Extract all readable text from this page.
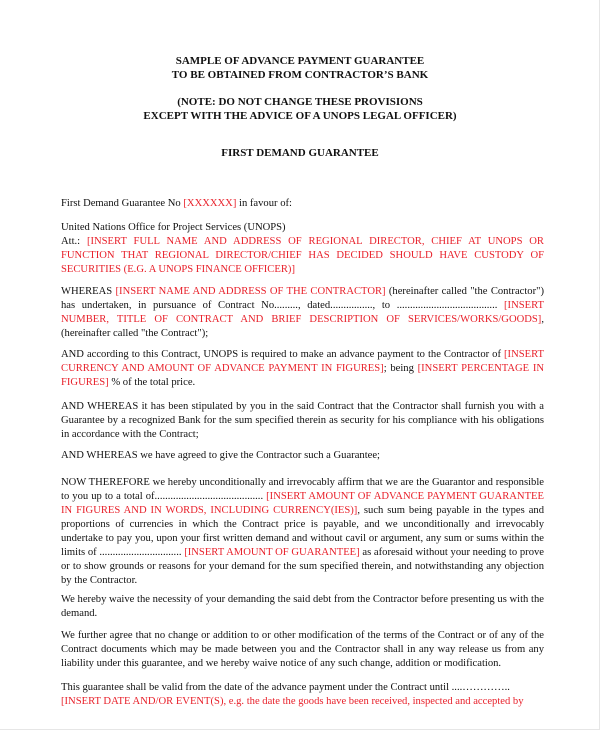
SAMPLE OF ADVANCE PAYMENT GUARANTEE
TO BE OBTAINED FROM CONTRACTOR’S BANK
(NOTE: DO NOT CHANGE THESE PROVISIONS
EXCEPT WITH THE ADVICE OF A UNOPS LEGAL OFFICER)
FIRST DEMAND GUARANTEE
First Demand Guarantee No [XXXXXX] in favour of:
United Nations Office for Project Services (UNOPS)
Att.: [INSERT FULL NAME AND ADDRESS OF REGIONAL DIRECTOR, CHIEF AT UNOPS OR FUNCTION THAT REGIONAL DIRECTOR/CHIEF HAS DECIDED SHOULD HAVE CUSTODY OF SECURITIES (E.G. A UNOPS FINANCE OFFICER)]
WHEREAS [INSERT NAME AND ADDRESS OF THE CONTRACTOR] (hereinafter called "the Contractor") has undertaken, in pursuance of Contract No........., dated................, to ...................................... [INSERT NUMBER, TITLE OF CONTRACT AND BRIEF DESCRIPTION OF SERVICES/WORKS/GOODS], (hereinafter called "the Contract");
AND according to this Contract, UNOPS is required to make an advance payment to the Contractor of [INSERT CURRENCY AND AMOUNT OF ADVANCE PAYMENT IN FIGURES]; being [INSERT PERCENTAGE IN FIGURES] % of the total price.
AND WHEREAS it has been stipulated by you in the said Contract that the Contractor shall furnish you with a Guarantee by a recognized Bank for the sum specified therein as security for his compliance with his obligations in accordance with the Contract;
AND WHEREAS we have agreed to give the Contractor such a Guarantee;
NOW THEREFORE we hereby unconditionally and irrevocably affirm that we are the Guarantor and responsible to you up to a total of......................................... [INSERT AMOUNT OF ADVANCE PAYMENT GUARANTEE IN FIGURES AND IN WORDS, INCLUDING CURRENCY(IES)], such sum being payable in the types and proportions of currencies in which the Contract price is payable, and we unconditionally and irrevocably undertake to pay you, upon your first written demand and without cavil or argument, any sum or sums within the limits of ............................... [INSERT AMOUNT OF GUARANTEE] as aforesaid without your needing to prove or to show grounds or reasons for your demand for the sum specified therein, and notwithstanding any objection by the Contractor.
We hereby waive the necessity of your demanding the said debt from the Contractor before presenting us with the demand.
We further agree that no change or addition to or other modification of the terms of the Contract or of any of the Contract documents which may be made between you and the Contractor shall in any way release us from any liability under this guarantee, and we hereby waive notice of any such change, addition or modification.
This guarantee shall be valid from the date of the advance payment under the Contract until ....…………..
[INSERT DATE AND/OR EVENT(S), e.g. the date the goods have been received, inspected and accepted by
